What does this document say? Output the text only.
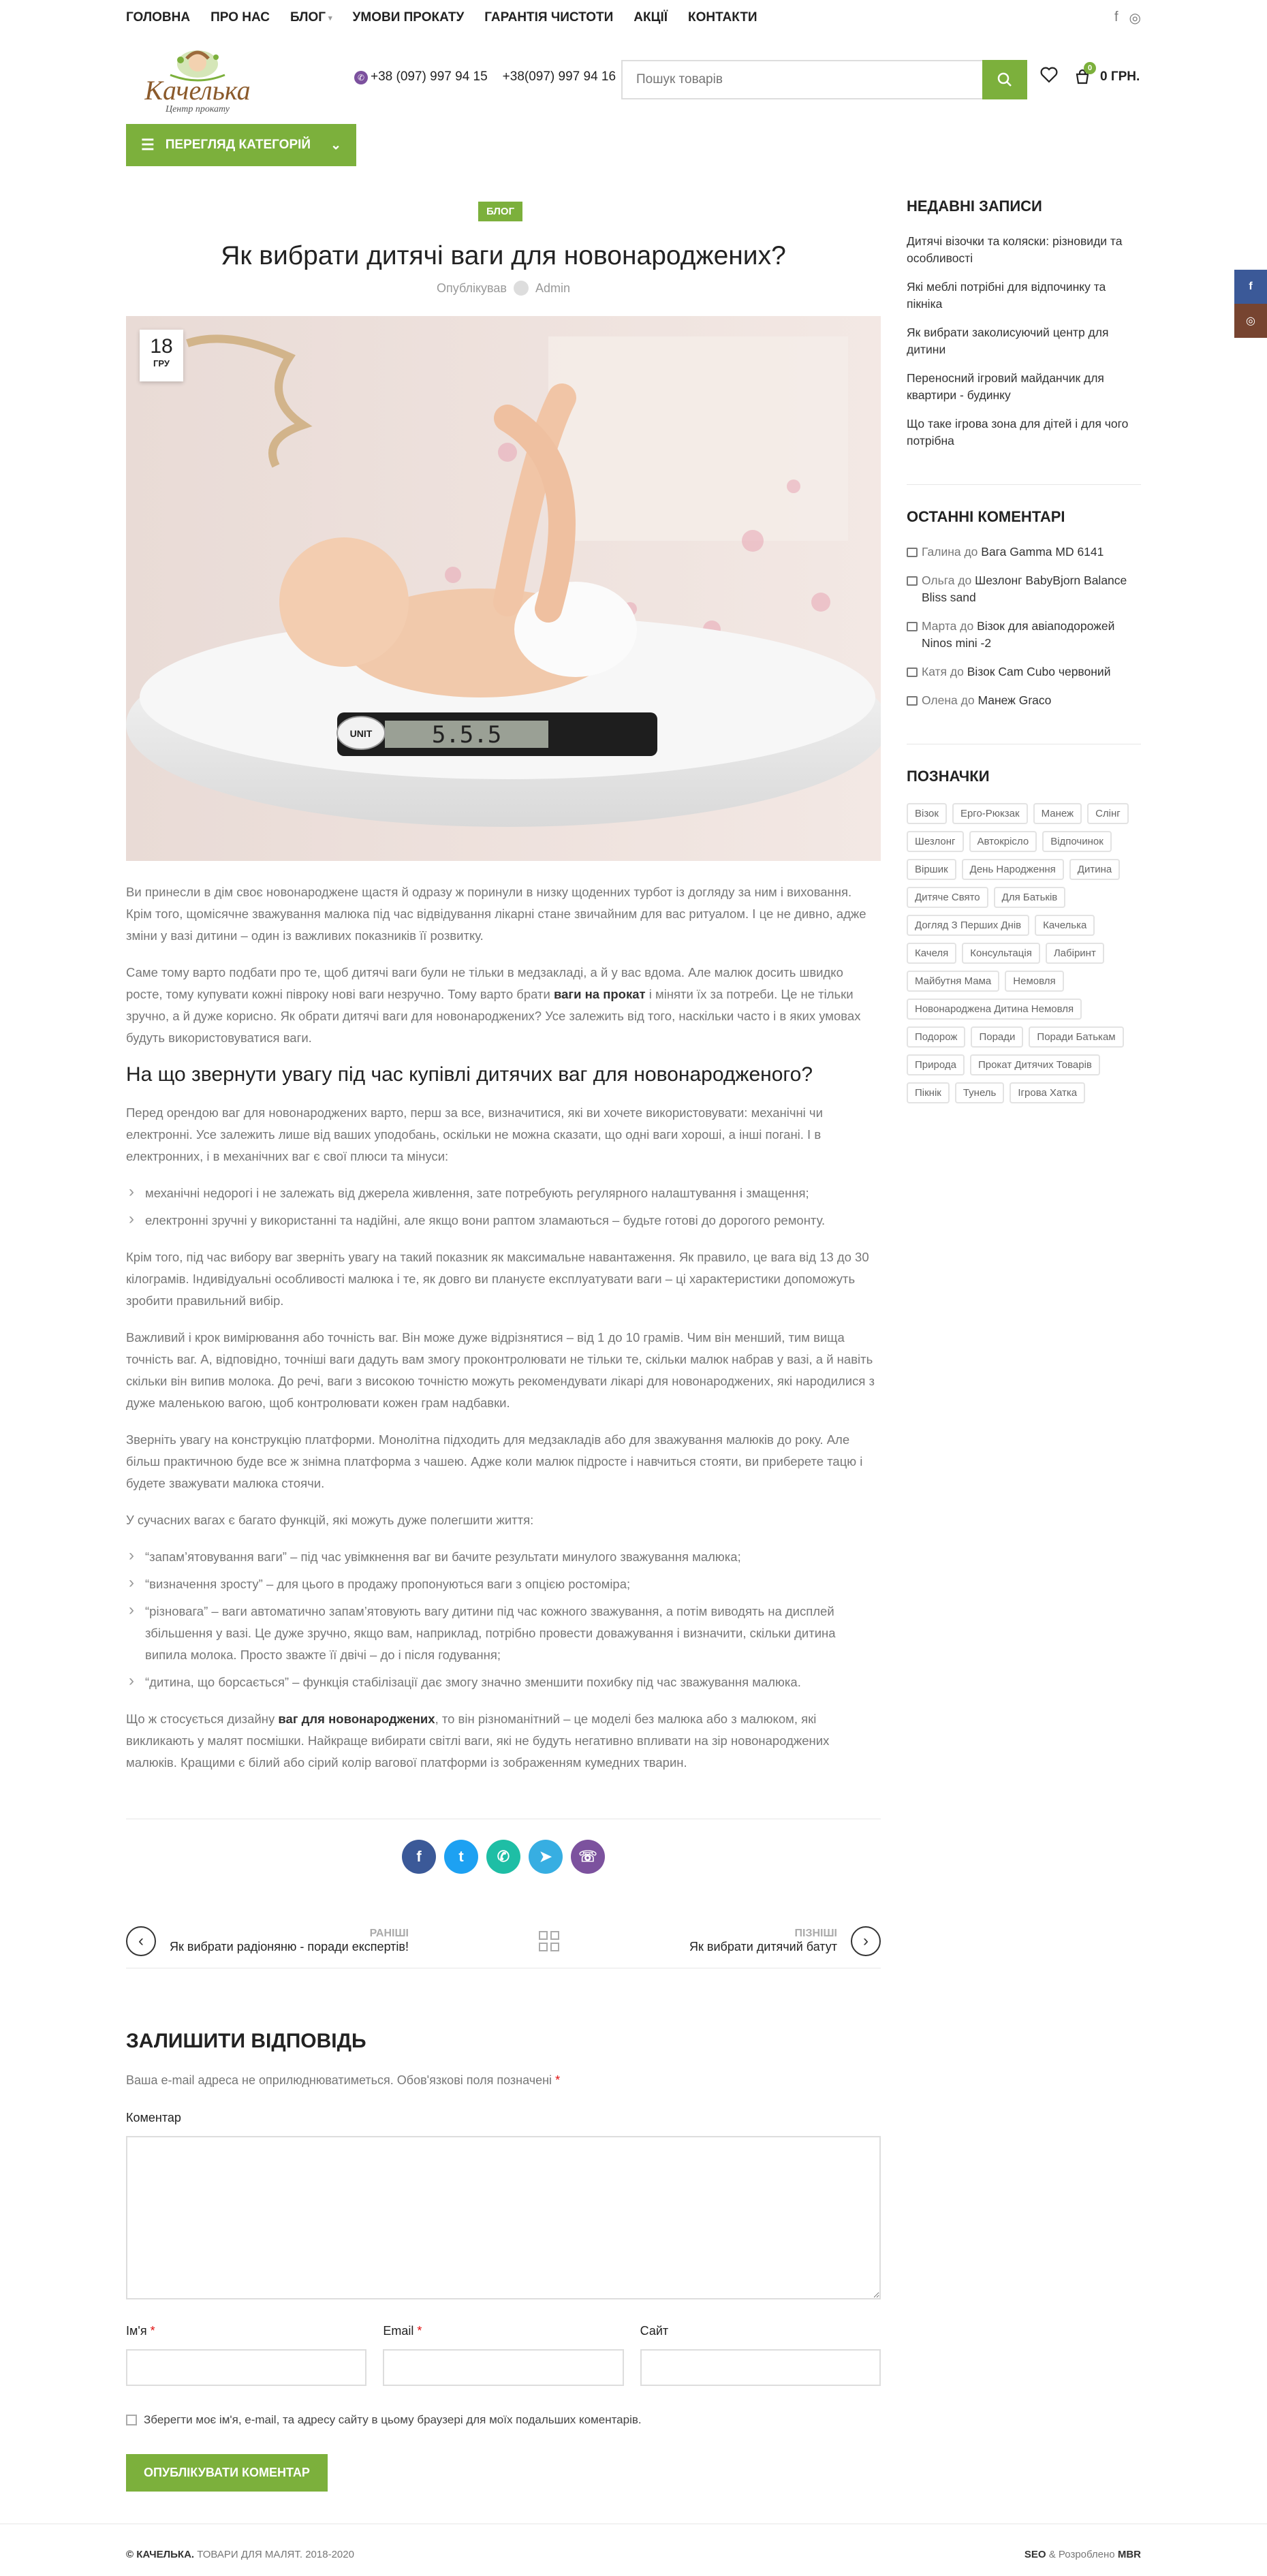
ГОЛОВНА ПРО НАС БЛОГ ▾ УМОВИ ПРОКАТУ ГАРАНТІЯ ЧИСТОТИ АКЦІЇ КОНТАКТИ	f ◎
Качелька
Центр прокату
✆ +38 (097) 997 94 15 +38(097) 997 94 16
Пошук товарів
0
0 ГРН.
☰ ПЕРЕГЛЯД КАТЕГОРІЙ ⌄
f
◎
БЛОГ
Як вибрати дитячі ваги для новонароджених?
Опублікував Admin
5.5.5
UNIT
18
ГРУ

Ви принесли в дім своє новонароджене щастя й одразу ж поринули в низку щоденних турбот із догляду за ним і виховання. Крім того, щомісячне зважування малюка під час відвідування лікарні стане звичайним для вас ритуалом. І це не дивно, адже зміни у вазі дитини – один із важливих показників її розвитку.

Саме тому варто подбати про те, щоб дитячі ваги були не тільки в медзакладі, а й у вас вдома. Але малюк досить швидко росте, тому купувати кожні півроку нові ваги незручно. Тому варто брати ваги на прокат і міняти їх за потреби. Це не тільки зручно, а й дуже корисно. Як обрати дитячі ваги для новонароджених? Усе залежить від того, наскільки часто і в яких умовах будуть використовуватися ваги.

На що звернути увагу під час купівлі дитячих ваг для новонародженого?

Перед орендою ваг для новонароджених варто, перш за все, визначитися, які ви хочете використовувати: механічні чи електронні. Усе залежить лише від ваших уподобань, оскільки не можна сказати, що одні ваги хороші, а інші погані. І в електронних, і в механічних ваг є свої плюси та мінуси:

› механічні недорогі і не залежать від джерела живлення, зате потребують регулярного налаштування і змащення;
› електронні зручні у використанні та надійні, але якщо вони раптом зламаються – будьте готові до дорогого ремонту.

Крім того, під час вибору ваг зверніть увагу на такий показник як максимальне навантаження. Як правило, це вага від 13 до 30 кілограмів. Індивідуальні особливості малюка і те, як довго ви плануєте експлуатувати ваги – ці характеристики допоможуть зробити правильний вибір.

Важливий і крок вимірювання або точність ваг. Він може дуже відрізнятися – від 1 до 10 грамів. Чим він менший, тим вища точність ваг. А, відповідно, точніші ваги дадуть вам змогу проконтролювати не тільки те, скільки малюк набрав у вазі, а й навіть скільки він випив молока. До речі, ваги з високою точністю можуть рекомендувати лікарі для новонароджених, які народилися з дуже маленькою вагою, щоб контролювати кожен грам надбавки.

Зверніть увагу на конструкцію платформи. Монолітна підходить для медзакладів або для зважування малюків до року. Але більш практичною буде все ж знімна платформа з чашею. Адже коли малюк підросте і навчиться стояти, ви приберете тацю і будете зважувати малюка стоячи.

У сучасних вагах є багато функцій, які можуть дуже полегшити життя:

› “запам’ятовування ваги” – під час увімкнення ваг ви бачите результати минулого зважування малюка;
› “визначення зросту” – для цього в продажу пропонуються ваги з опцією ростоміра;
› “різновага” – ваги автоматично запам’ятовують вагу дитини під час кожного зважування, а потім виводять на дисплей збільшення у вазі. Це дуже зручно, якщо вам, наприклад, потрібно провести доважування і визначити, скільки дитина випила молока. Просто зважте її двічі – до і після годування;
› “дитина, що борсається” – функція стабілізації дає змогу значно зменшити похибку під час зважування малюка.

Що ж стосується дизайну ваг для новонароджених, то він різноманітний – це моделі без малюка або з малюком, які викликають у малят посмішки. Найкраще вибирати світлі ваги, які не будуть негативно впливати на зір новонароджених малюків. Кращими є білий або сірий колір вагової платформи із зображенням кумедних тварин.

f	t	✆	➤	☏
‹	РАНІШІ
Як вибрати радіоняню - поради експертів!
ПІЗНІШІ
Як вибрати дитячий батут	›
ЗАЛИШИТИ ВІДПОВІДЬ
Ваша e-mail адреса не оприлюднюватиметься. Обов'язкові поля позначені *
Коментар
Ім'я *	Email *	Сайт
Зберегти моє ім'я, e-mail, та адресу сайту в цьому браузері для моїх подальших коментарів.
ОПУБЛІКУВАТИ КОМЕНТАР
НЕДАВНІ ЗАПИСИ

Дитячі візочки та коляски: різновиди та особливості

Які меблі потрібні для відпочинку та пікніка

Як вибрати заколисуючий центр для дитини

Переносний ігровий майданчик для квартири - будинку

Що таке ігрова зона для дітей і для чого потрібна

ОСТАННІ КОМЕНТАРІ

Галина до Вага Gamma MD 6141

Ольга до Шезлонг BabyBjorn Balance Bliss sand

Марта до Візок для авіаподорожей Ninos mini -2

Катя до Візок Cam Cubo червоний

Олена до Манеж Graco

ПОЗНАЧКИ
Візок	Ерго-Рюкзак	Манеж	Слінг
Шезлонг	Автокрісло	Відпочинок
Віршик	День Народження	Дитина
Дитяче Свято	Для Батьків
Догляд З Перших Днів	Качелька
Качеля	Консультація	Лабіринт
Майбутня Мама	Немовля
Новонароджена Дитина Немовля
Подорож	Поради	Поради Батькам
Природа	Прокат Дитячих Товарів
Пікнік	Тунель	Ігрова Хатка
© КАЧЕЛЬКА. ТОВАРИ ДЛЯ МАЛЯТ. 2018-2020	SEO & Розроблено MBR
